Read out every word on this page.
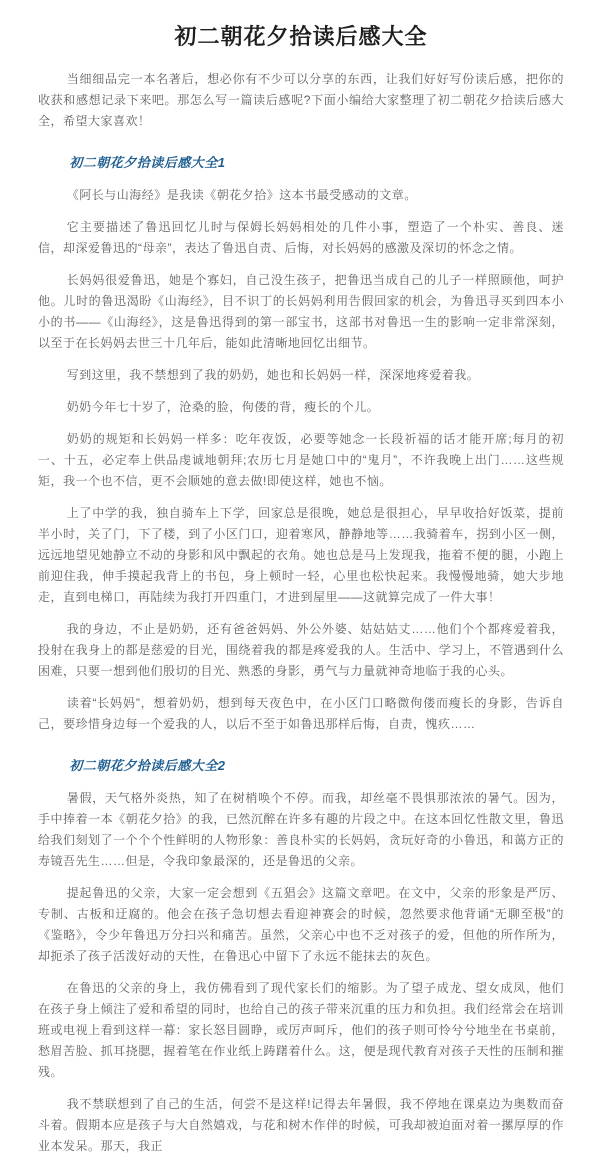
初二朝花夕拾读后感大全

当细细品完一本名著后，想必你有不少可以分享的东西，让我们好好写份读后感，把你的收获和感想记录下来吧。那怎么写一篇读后感呢?下面小编给大家整理了初二朝花夕拾读后感大全，希望大家喜欢！

初二朝花夕拾读后感大全1

《阿长与山海经》是我读《朝花夕拾》这本书最受感动的文章。

它主要描述了鲁迅回忆儿时与保姆长妈妈相处的几件小事，塑造了一个朴实、善良、迷信，却深爱鲁迅的“母亲”，表达了鲁迅自责、后悔，对长妈妈的感激及深切的怀念之情。

长妈妈很爱鲁迅，她是个寡妇，自己没生孩子，把鲁迅当成自己的儿子一样照顾他，呵护他。儿时的鲁迅渴盼《山海经》，目不识丁的长妈妈利用告假回家的机会，为鲁迅寻买到四本小小的书——《山海经》，这是鲁迅得到的第一部宝书，这部书对鲁迅一生的影响一定非常深刻，以至于在长妈妈去世三十几年后，能如此清晰地回忆出细节。

写到这里，我不禁想到了我的奶奶，她也和长妈妈一样，深深地疼爱着我。

奶奶今年七十岁了，沧桑的脸，佝偻的背，瘦长的个儿。

奶奶的规矩和长妈妈一样多：吃年夜饭，必要等她念一长段祈福的话才能开席;每月的初一、十五，必定奉上供品虔诚地朝拜;农历七月是她口中的“鬼月”，不许我晚上出门……这些规矩，我一个也不信，更不会顺她的意去做!即使这样，她也不恼。

上了中学的我，独自骑车上下学，回家总是很晚，她总是很担心，早早收拾好饭菜，提前半小时，关了门，下了楼，到了小区门口，迎着寒风，静静地等……我骑着车，拐到小区一侧，远远地望见她静立不动的身影和风中飘起的衣角。她也总是马上发现我，拖着不便的腿，小跑上前迎住我，伸手摸起我背上的书包，身上顿时一轻，心里也松快起来。我慢慢地骑，她大步地走，直到电梯口，再陆续为我打开四重门，才进到屋里——这就算完成了一件大事！

我的身边，不止是奶奶，还有爸爸妈妈、外公外婆、姑姑姑丈……他们个个都疼爱着我，投射在我身上的都是慈爱的目光，围绕着我的都是疼爱我的人。生活中、学习上，不管遇到什么困难，只要一想到他们殷切的目光、熟悉的身影，勇气与力量就神奇地临于我的心头。

读着“长妈妈”，想着奶奶，想到每天夜色中，在小区门口略微佝偻而瘦长的身影，告诉自己，要珍惜身边每一个爱我的人，以后不至于如鲁迅那样后悔，自责，愧疚……

初二朝花夕拾读后感大全2

暑假，天气格外炎热，知了在树梢唤个不停。而我，却丝毫不畏惧那浓浓的暑气。因为，手中捧着一本《朝花夕拾》的我，已然沉醉在许多有趣的片段之中。在这本回忆性散文里，鲁迅给我们刻划了一个个个性鲜明的人物形象：善良朴实的长妈妈，贪玩好奇的小鲁迅，和蔼方正的寿镜吾先生……但是，令我印象最深的，还是鲁迅的父亲。

提起鲁迅的父亲，大家一定会想到《五猖会》这篇文章吧。在文中，父亲的形象是严厉、专制、古板和迂腐的。他会在孩子急切想去看迎神赛会的时候，忽然要求他背诵“无聊至极”的《鉴略》，令少年鲁迅万分扫兴和痛苦。虽然，父亲心中也不乏对孩子的爱，但他的所作所为，却扼杀了孩子活泼好动的天性，在鲁迅心中留下了永远不能抹去的灰色。

在鲁迅的父亲的身上，我仿佛看到了现代家长们的缩影。为了望子成龙、望女成凤，他们在孩子身上倾注了爱和希望的同时，也给自己的孩子带来沉重的压力和负担。我们经常会在培训班或电视上看到这样一幕：家长怒目圆睁，或厉声呵斥，他们的孩子则可怜兮兮地坐在书桌前，愁眉苦脸、抓耳挠腮，握着笔在作业纸上踌躇着什么。这，便是现代教育对孩子天性的压制和摧残。

我不禁联想到了自己的生活，何尝不是这样!记得去年暑假，我不停地在课桌边为奥数而奋斗着。假期本应是孩子与大自然嬉戏，与花和树木作伴的时候，可我却被迫面对着一摞厚厚的作业本发呆。那天，我正
